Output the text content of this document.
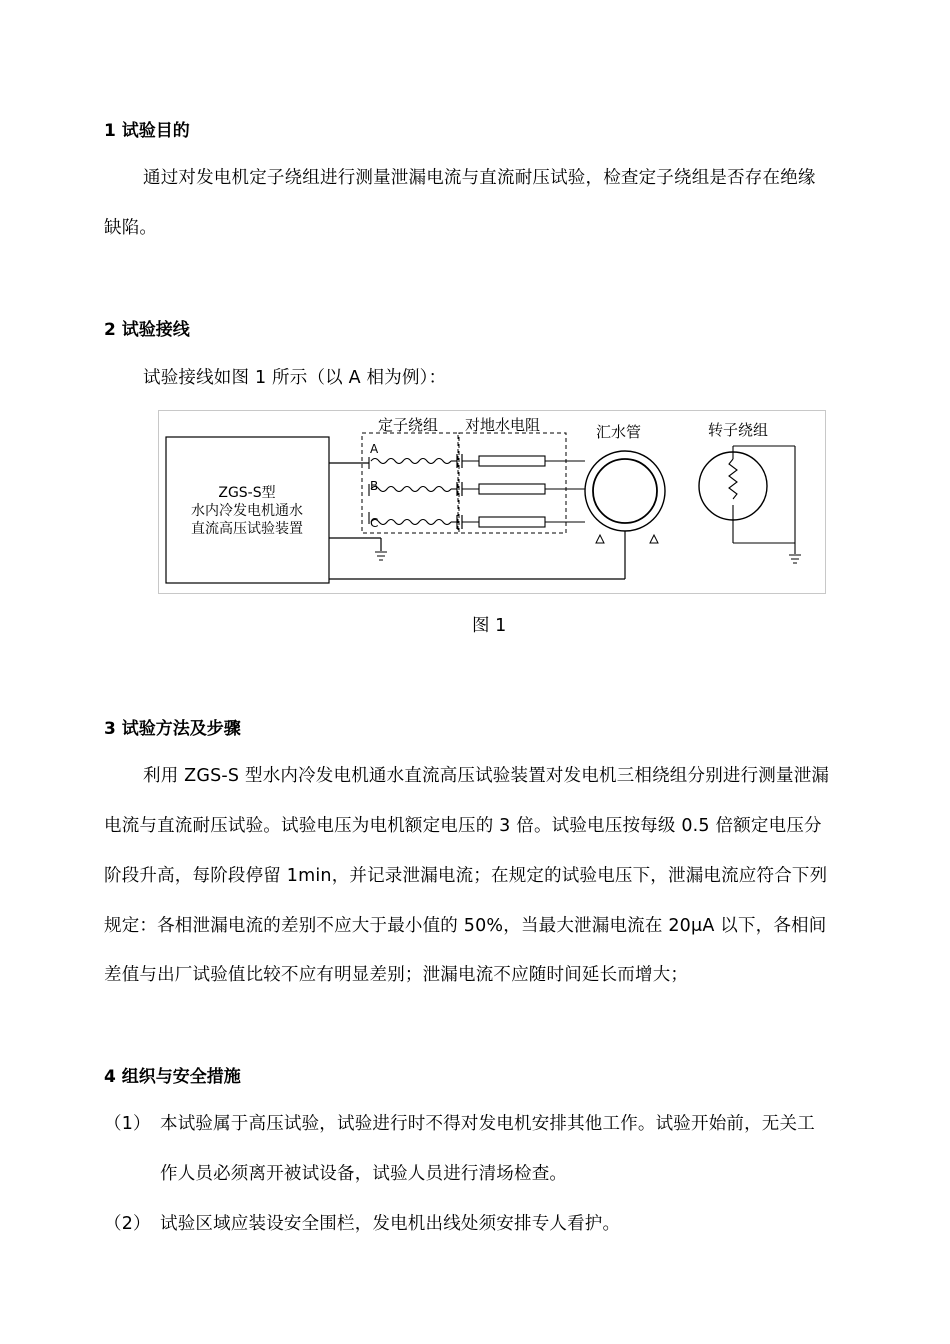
1 试验目的
通过对发电机定子绕组进行测量泄漏电流与直流耐压试验，检查定子绕组是否存在绝缘
缺陷。
2 试验接线
试验接线如图 1 所示（以 A 相为例）：
定子绕组 对地水电阻	汇水管	转子绕组
A
B
C
ZGS-S型
水内冷发电机通水
直流高压试验装置
图 1
3 试验方法及步骤
利用 ZGS-S 型水内冷发电机通水直流高压试验装置对发电机三相绕组分别进行测量泄漏
电流与直流耐压试验。试验电压为电机额定电压的 3 倍。试验电压按每级 0.5 倍额定电压分
阶段升高，每阶段停留 1min，并记录泄漏电流；在规定的试验电压下，泄漏电流应符合下列
规定：各相泄漏电流的差别不应大于最小值的 50%，当最大泄漏电流在 20μA 以下，各相间
差值与出厂试验值比较不应有明显差别；泄漏电流不应随时间延长而增大；
4 组织与安全措施
（1） 本试验属于高压试验，试验进行时不得对发电机安排其他工作。试验开始前，无关工
作人员必须离开被试设备，试验人员进行清场检查。
（2） 试验区域应装设安全围栏，发电机出线处须安排专人看护。
